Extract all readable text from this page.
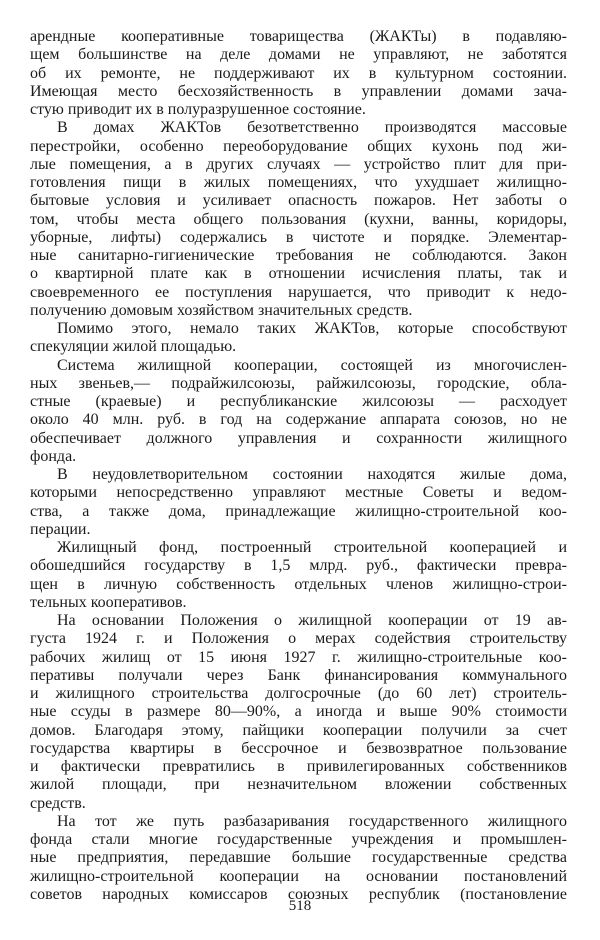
арендные кооперативные товарищества (ЖАКТы) в подавляю-
щем большинстве на деле домами не управляют, не заботятся
об их ремонте, не поддерживают их в культурном состоянии.
Имеющая место бесхозяйственность в управлении домами зача-
стую приводит их в полуразрушенное состояние.
В домах ЖАКТов безответственно производятся массовые
перестройки, особенно переоборудование общих кухонь под жи-
лые помещения, а в других случаях — устройство плит для при-
готовления пищи в жилых помещениях, что ухудшает жилищно-
бытовые условия и усиливает опасность пожаров. Нет заботы о
том, чтобы места общего пользования (кухни, ванны, коридоры,
уборные, лифты) содержались в чистоте и порядке. Элементар-
ные санитарно-гигиенические требования не соблюдаются. Закон
о квартирной плате как в отношении исчисления платы, так и
своевременного ее поступления нарушается, что приводит к недо-
получению домовым хозяйством значительных средств.
Помимо этого, немало таких ЖАКТов, которые способствуют
спекуляции жилой площадью.
Система жилищной кооперации, состоящей из многочислен-
ных звеньев,— подрайжилсоюзы, райжилсоюзы, городские, обла-
стные (краевые) и республиканские жилсоюзы — расходует
около 40 млн. руб. в год на содержание аппарата союзов, но не
обеспечивает должного управления и сохранности жилищного
фонда.
В неудовлетворительном состоянии находятся жилые дома,
которыми непосредственно управляют местные Советы и ведом-
ства, а также дома, принадлежащие жилищно-строительной коо-
перации.
Жилищный фонд, построенный строительной кооперацией и
обошедшийся государству в 1,5 млрд. руб., фактически превра-
щен в личную собственность отдельных членов жилищно-строи-
тельных кооперативов.
На основании Положения о жилищной кооперации от 19 ав-
густа 1924 г. и Положения о мерах содействия строительству
рабочих жилищ от 15 июня 1927 г. жилищно-строительные коо-
перативы получали через Банк финансирования коммунального
и жилищного строительства долгосрочные (до 60 лет) строитель-
ные ссуды в размере 80—90%, а иногда и выше 90% стоимости
домов. Благодаря этому, пайщики кооперации получили за счет
государства квартиры в бессрочное и безвозвратное пользование
и фактически превратились в привилегированных собственников
жилой площади, при незначительном вложении собственных
средств.
На тот же путь разбазаривания государственного жилищного
фонда стали многие государственные учреждения и промышлен-
ные предприятия, передавшие большие государственные средства
жилищно-строительной кооперации на основании постановлений
советов народных комиссаров союзных республик (постановление
518
